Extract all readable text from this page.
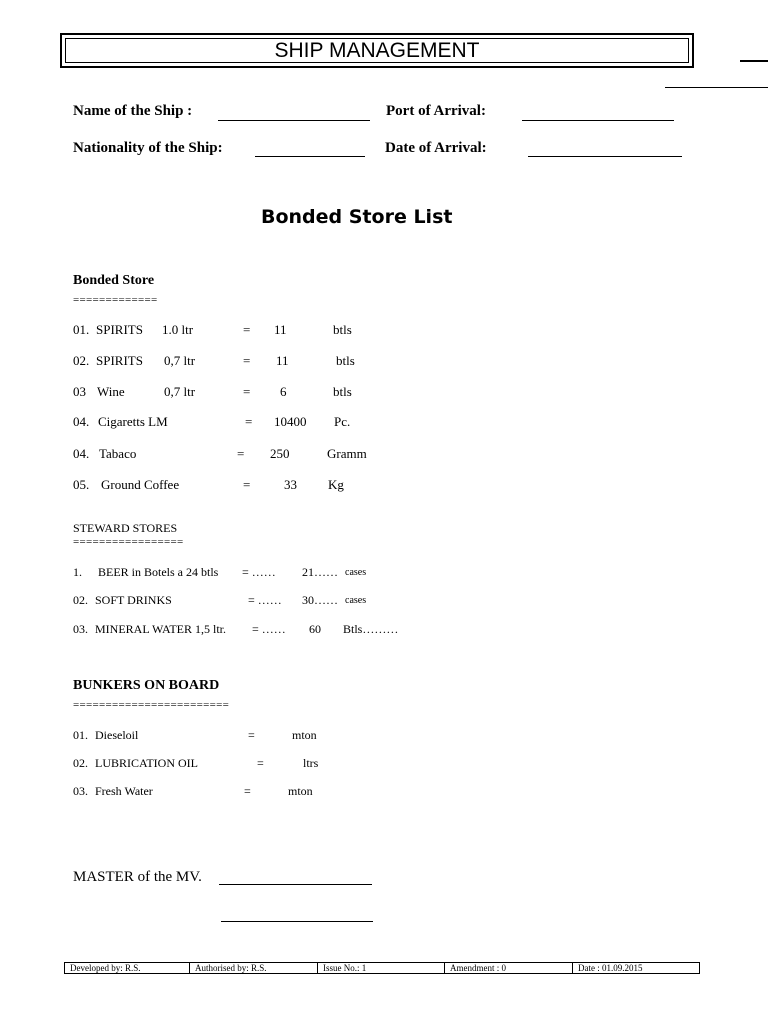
SHIP MANAGEMENT
Name of the Ship :	Port of Arrival:
Nationality of the Ship:	Date of Arrival:
Bonded Store List
Bonded Store
=============
01. SPIRITS 1.0 ltr	= 11	btls
02. SPIRITS 0,7 ltr	= 11	btls
03 Wine	0,7 ltr	= 6	btls
04. Cigaretts LM	= 10400 Pc.
04. Tabaco	= 250	Gramm
05. Ground Coffee	=	33 Kg
STEWARD STORES
=================
1. BEER in Botels a 24 btls = …… 21…… cases
02. SOFT DRINKS	= …… 30…… cases
03. MINERAL WATER 1,5 ltr. = …… 60 Btls………
BUNKERS ON BOARD
========================
01. Dieseloil	=	mton
02. LUBRICATION OIL	=	ltrs
03. Fresh Water	=	mton
MASTER of the MV.
Developed by: R.S.	Authorised by: R.S.	Issue No.: 1	Amendment : 0	Date : 01.09.2015
